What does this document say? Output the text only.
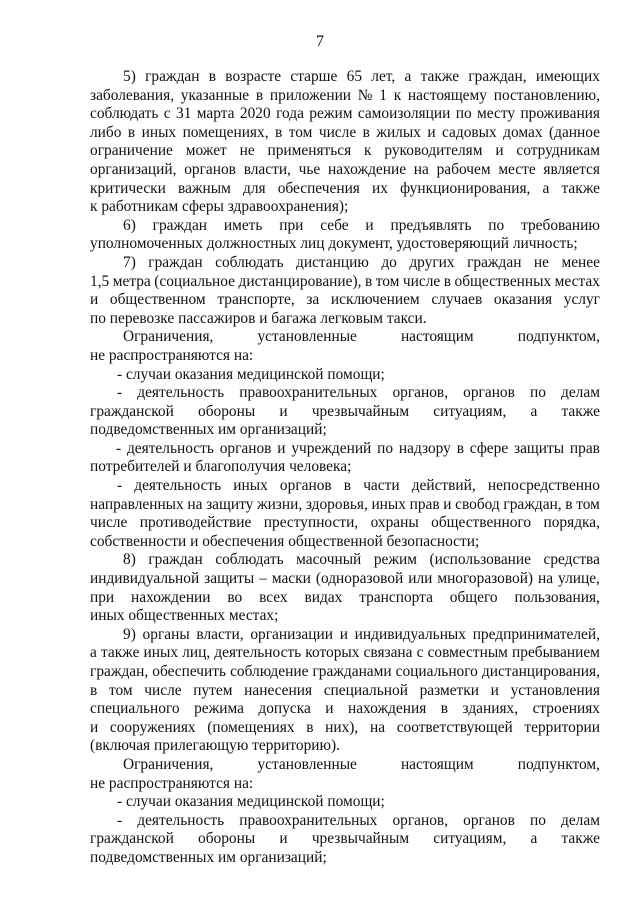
7
5) граждан в возрасте старше 65 лет, а также граждан, имеющих
заболевания, указанные в приложении № 1 к настоящему постановлению,
соблюдать с 31 марта 2020 года режим самоизоляции по месту проживания
либо в иных помещениях, в том числе в жилых и садовых домах (данное
ограничение может не применяться к руководителям и сотрудникам
организаций, органов власти, чье нахождение на рабочем месте является
критически важным для обеспечения их функционирования, а также
к работникам сферы здравоохранения);
6) граждан иметь при себе и предъявлять по требованию
уполномоченных должностных лиц документ, удостоверяющий личность;
7) граждан соблюдать дистанцию до других граждан не менее
1,5 метра (социальное дистанцирование), в том числе в общественных местах
и общественном транспорте, за исключением случаев оказания услуг
по перевозке пассажиров и багажа легковым такси.
Ограничения,	установленные	настоящим	подпунктом,
не распространяются на:
- случаи оказания медицинской помощи;
- деятельность правоохранительных органов, органов по делам
гражданской обороны и чрезвычайным ситуациям, а также
подведомственных им организаций;
- деятельность органов и учреждений по надзору в сфере защиты прав
потребителей и благополучия человека;
- деятельность иных органов в части действий, непосредственно
направленных на защиту жизни, здоровья, иных прав и свобод граждан, в том
числе противодействие преступности, охраны общественного порядка,
собственности и обеспечения общественной безопасности;
8) граждан соблюдать масочный режим (использование средства
индивидуальной защиты – маски (одноразовой или многоразовой) на улице,
при нахождении во всех видах транспорта общего пользования,
иных общественных местах;
9) органы власти, организации и индивидуальных предпринимателей,
а также иных лиц, деятельность которых связана с совместным пребыванием
граждан, обеспечить соблюдение гражданами социального дистанцирования,
в том числе путем нанесения специальной разметки и установления
специального режима допуска и нахождения в зданиях, строениях
и сооружениях (помещениях в них), на соответствующей территории
(включая прилегающую территорию).
Ограничения,	установленные	настоящим	подпунктом,
не распространяются на:
- случаи оказания медицинской помощи;
- деятельность правоохранительных органов, органов по делам
гражданской обороны и чрезвычайным ситуациям, а также
подведомственных им организаций;
